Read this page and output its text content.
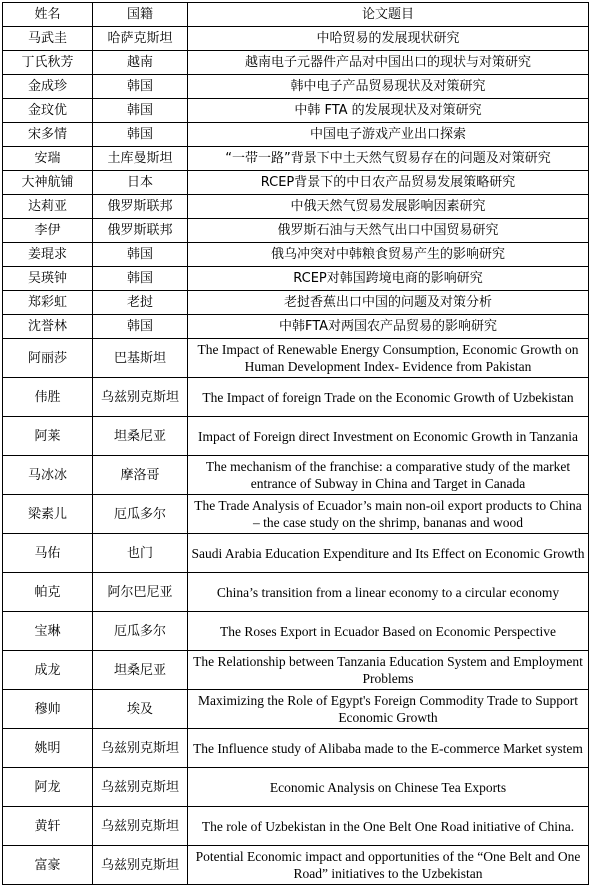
姓名	国籍	论文题目
马武圭	哈萨克斯坦	中哈贸易的发展现状研究
丁氏秋芳	越南	越南电子元器件产品对中国出口的现状与对策研究
金成珍	韩国	韩中电子产品贸易现状及对策研究
金玟优	韩国	中韩 FTA 的发展现状及对策研究
宋多情	韩国	中国电子游戏产业出口探索
安瑞	土库曼斯坦	“一带一路”背景下中土天然气贸易存在的问题及对策研究
大神航铺	日本	RCEP背景下的中日农产品贸易发展策略研究
达莉亚	俄罗斯联邦	中俄天然气贸易发展影响因素研究
李伊	俄罗斯联邦	俄罗斯石油与天然气出口中国贸易研究
姜琨求	韩国	俄乌冲突对中韩粮食贸易产生的影响研究
吴瑛钟	韩国	RCEP对韩国跨境电商的影响研究
郑彩虹	老挝	老挝香蕉出口中国的问题及对策分析
沈誉林	韩国	中韩FTA对两国农产品贸易的影响研究
阿丽莎	巴基斯坦	The Impact of Renewable Energy Consumption, Economic Growth on Human Development Index- Evidence from Pakistan
伟胜	乌兹别克斯坦	The Impact of foreign Trade on the Economic Growth of Uzbekistan
阿莱	坦桑尼亚	Impact of Foreign direct Investment on Economic Growth in Tanzania
马冰冰	摩洛哥	The mechanism of the franchise: a comparative study of the market entrance of Subway in China and Target in Canada
梁素儿	厄瓜多尔	The Trade Analysis of Ecuador’s main non-oil export products to China – the case study on the shrimp, bananas and wood
马佑	也门	Saudi Arabia Education Expenditure and Its Effect on Economic Growth
帕克	阿尔巴尼亚	China’s transition from a linear economy to a circular economy
宝琳	厄瓜多尔	The Roses Export in Ecuador Based on Economic Perspective
成龙	坦桑尼亚	The Relationship between Tanzania Education System and Employment Problems
穆帅	埃及	Maximizing the Role of Egypt's Foreign Commodity Trade to Support Economic Growth
姚明	乌兹别克斯坦	The Influence study of Alibaba made to the E-commerce Market system
阿龙	乌兹别克斯坦	Economic Analysis on Chinese Tea Exports
黄轩	乌兹别克斯坦	The role of Uzbekistan in the One Belt One Road initiative of China.
富豪	乌兹别克斯坦	Potential Economic impact and opportunities of the “One Belt and One Road” initiatives to the Uzbekistan
